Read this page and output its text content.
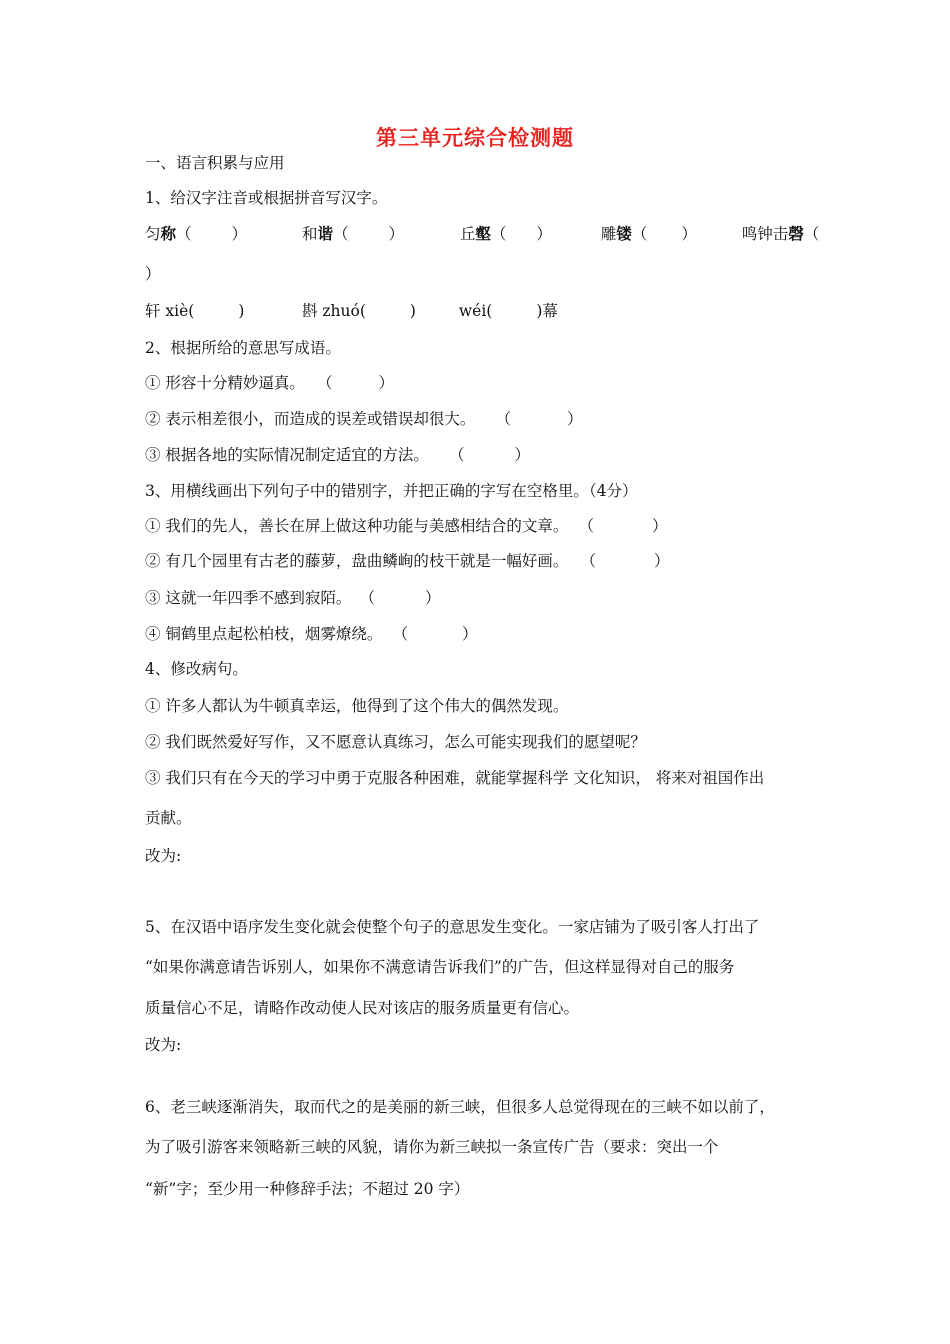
第三单元综合检测题
一、语言积累与应用
1、给汉字注音或根据拼音写汉字。
匀称（	）	和谐（	）	丘壑（ ）	雕镂（ ）	鸣钟击磬（
）
轩 xiè(	)	斟 zhuó(	)	wéi(	)幕
2、根据所给的意思写成语。
① 形容十分精妙逼真。 （	）
② 表示相差很小，而造成的误差或错误却很大。 （	）
③ 根据各地的实际情况制定适宜的方法。 （	）
3、用横线画出下列句子中的错别字，并把正确的字写在空格里。（4分）
① 我们的先人，善长在屏上做这种功能与美感相结合的文章。 （	）
② 有几个园里有古老的藤萝，盘曲鳞峋的枝干就是一幅好画。 （	）
③ 这就一年四季不感到寂陌。 （	）
④ 铜鹤里点起松柏枝，烟雾燎绕。 （	）
4、修改病句。
① 许多人都认为牛顿真幸运，他得到了这个伟大的偶然发现。
② 我们既然爱好写作，又不愿意认真练习，怎么可能实现我们的愿望呢？
③ 我们只有在今天的学习中勇于克服各种困难，就能掌握科学 文化知识， 将来对祖国作出
贡献。
改为:
5、在汉语中语序发生变化就会使整个句子的意思发生变化。一家店铺为了吸引客人打出了
“如果你满意请告诉别人，如果你不满意请告诉我们”的广告，但这样显得对自己的服务
质量信心不足，请略作改动使人民对该店的服务质量更有信心。
改为:
6、老三峡逐渐消失，取而代之的是美丽的新三峡，但很多人总觉得现在的三峡不如以前了，
为了吸引游客来领略新三峡的风貌，请你为新三峡拟一条宣传广告（要求：突出一个
“新”字；至少用一种修辞手法；不超过 20 字）
